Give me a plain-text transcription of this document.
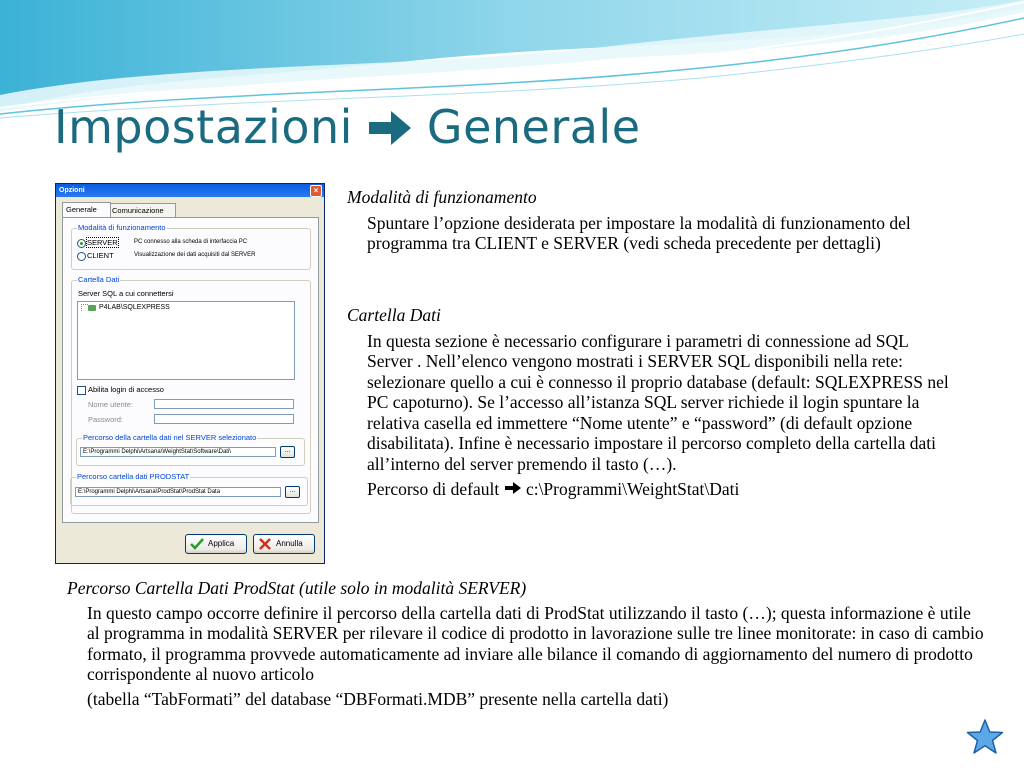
Impostazioni Generale
Opzioni	×
Generale	Comunicazione
Modalità di funzionamento
SERVER	PC connesso alla scheda di interfaccia PC
CLIENT	Visualizzazione dei dati acquisiti dal SERVER
Cartella Dati
Server SQL a cui connettersi
P4LAB\SQLEXPRESS
Abilita login di accesso
Nome utente:
Password:
Percorso della cartella dati nel SERVER selezionato
E:\Programmi Delphi\Artsana\WeightStat\Software\Dati\	...
Percorso cartella dati PRODSTAT
E:\Programmi Delphi\Artsana\ProdStat\ProdStat Data	...
Applica	Annulla

Modalità di funzionamento

Spuntare l’opzione desiderata per impostare la modalità di funzionamento del programma tra CLIENT e SERVER (vedi scheda precedente per dettagli)

Cartella Dati

In questa sezione è necessario configurare i parametri di connessione ad SQL Server . Nell’elenco vengono mostrati i SERVER SQL disponibili nella rete: selezionare quello a cui è connesso il proprio database (default: SQLEXPRESS nel PC capoturno). Se l’accesso all’istanza SQL server richiede il login spuntare la relativa casella ed immettere “Nome utente” e “password” (di default opzione disabilitata). Infine è necessario impostare il percorso completo della cartella dati all’interno del server premendo il tasto (…).

Percorso di default c:\Programmi\WeightStat\Dati

Percorso Cartella Dati ProdStat (utile solo in modalità SERVER)

In questo campo occorre definire il percorso della cartella dati di ProdStat utilizzando il tasto (…); questa informazione è utile al programma in modalità SERVER per rilevare il codice di prodotto in lavorazione sulle tre linee monitorate: in caso di cambio formato, il programma provvede automaticamente ad inviare alle bilance il comando di aggiornamento del numero di prodotto corrispondente al nuovo articolo

(tabella “TabFormati” del database “DBFormati.MDB” presente nella cartella dati)
